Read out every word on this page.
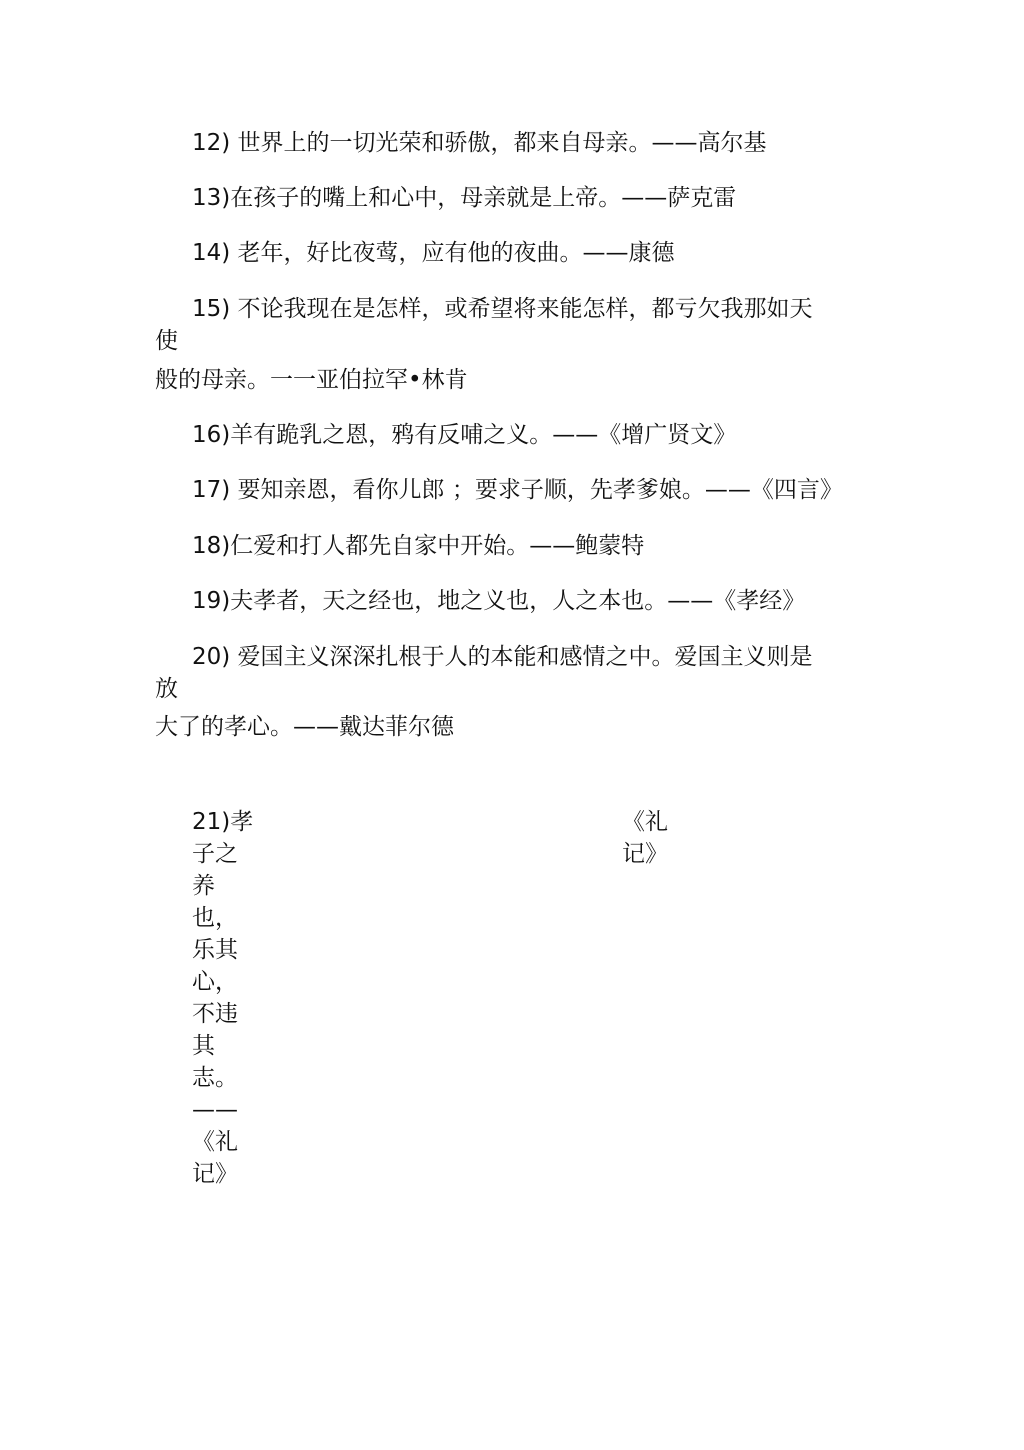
12) 世界上的一切光荣和骄傲，都来自母亲。——高尔基
13)在孩子的嘴上和心中，母亲就是上帝。——萨克雷
14) 老年，好比夜莺，应有他的夜曲。——康德
15) 不论我现在是怎样，或希望将来能怎样，都亏欠我那如天
使
般的母亲。一一亚伯拉罕•林肯
16)羊有跪乳之恩，鸦有反哺之义。——《增广贤文》
17) 要知亲恩，看你儿郎 ；要求子顺，先孝爹娘。——《四言》
18)仁爱和打人都先自家中开始。——鲍蒙特
19)夫孝者，天之经也，地之义也，人之本也。——《孝经》
20) 爱国主义深深扎根于人的本能和感情之中。爱国主义则是
放
大了的孝心。——戴达菲尔德
21)孝
子之
养
也，
乐其
心，
不违
其
志。
——
《礼
记》
《礼
记》
